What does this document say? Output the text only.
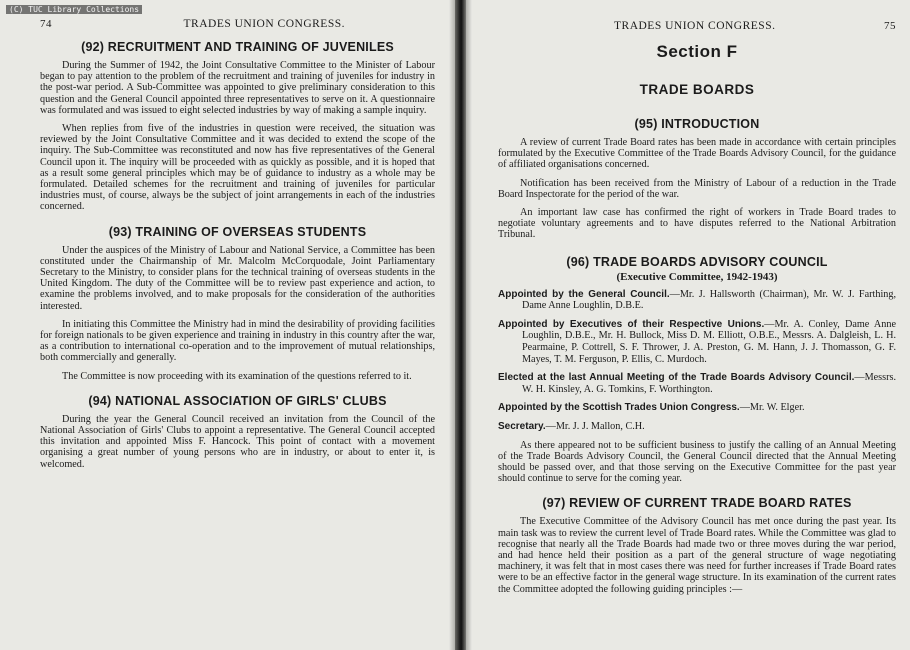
(C) TUC Library Collections
74	TRADES UNION CONGRESS.
(92) RECRUITMENT AND TRAINING OF JUVENILES

During the Summer of 1942, the Joint Consultative Committee to the Minister of Labour began to pay attention to the problem of the recruitment and training of juveniles for industry in the post-war period. A Sub-Committee was appointed to give preliminary consideration to this question and the General Council appointed three representatives to serve on it. A questionnaire was formulated and was issued to eight selected industries by way of making a sample inquiry.

When replies from five of the industries in question were received, the situation was reviewed by the Joint Consultative Committee and it was decided to extend the scope of the inquiry. The Sub-Committee was reconstituted and now has five representatives of the General Council upon it. The inquiry will be proceeded with as quickly as possible, and it is hoped that as a result some general principles which may be of guidance to industry as a whole may be formulated. Detailed schemes for the recruitment and training of juveniles for particular industries must, of course, always be the subject of joint arrangements in each of the industries concerned.

(93) TRAINING OF OVERSEAS STUDENTS

Under the auspices of the Ministry of Labour and National Service, a Committee has been constituted under the Chairmanship of Mr. Malcolm McCorquodale, Joint Parliamentary Secretary to the Ministry, to consider plans for the technical training of overseas students in the United Kingdom. The duty of the Committee will be to review past experience and action, to examine the problems involved, and to make proposals for the consideration of the authorities interested.

In initiating this Committee the Ministry had in mind the desirability of providing facilities for foreign nationals to be given experience and training in industry in this country after the war, as a contribution to international co-operation and to the improvement of mutual relationships, both commercially and generally.

The Committee is now proceeding with its examination of the questions referred to it.

(94) NATIONAL ASSOCIATION OF GIRLS' CLUBS

During the year the General Council received an invitation from the Council of the National Association of Girls' Clubs to appoint a representative. The General Council accepted this invitation and appointed Miss F. Hancock. This point of contact with a movement organising a great number of young persons who are in industry, or about to enter it, is welcomed.

TRADES UNION CONGRESS.	75
Section F
TRADE BOARDS
(95) INTRODUCTION

A review of current Trade Board rates has been made in accordance with certain principles formulated by the Executive Committee of the Trade Boards Advisory Council, for the guidance of affiliated organisations concerned.

Notification has been received from the Ministry of Labour of a reduction in the Trade Board Inspectorate for the period of the war.

An important law case has confirmed the right of workers in Trade Board trades to negotiate voluntary agreements and to have disputes referred to the National Arbitration Tribunal.

(96) TRADE BOARDS ADVISORY COUNCIL
(Executive Committee, 1942-1943)

Appointed by the General Council.—Mr. J. Hallsworth (Chairman), Mr. W. J. Farthing, Dame Anne Loughlin, D.B.E.

Appointed by Executives of their Respective Unions.—Mr. A. Conley, Dame Anne Loughlin, D.B.E., Mr. H. Bullock, Miss D. M. Elliott, O.B.E., Messrs. A. Dalgleish, L. H. Pearmaine, P. Cottrell, S. F. Thrower, J. A. Preston, G. M. Hann, J. J. Thomasson, G. F. Mayes, T. M. Ferguson, P. Ellis, C. Murdoch.

Elected at the last Annual Meeting of the Trade Boards Advisory Council.—Messrs. W. H. Kinsley, A. G. Tomkins, F. Worthington.

Appointed by the Scottish Trades Union Congress.—Mr. W. Elger.

Secretary.—Mr. J. J. Mallon, C.H.

As there appeared not to be sufficient business to justify the calling of an Annual Meeting of the Trade Boards Advisory Council, the General Council directed that the Annual Meeting should be passed over, and that those serving on the Executive Committee for the past year should continue to serve for the coming year.

(97) REVIEW OF CURRENT TRADE BOARD RATES

The Executive Committee of the Advisory Council has met once during the past year. Its main task was to review the current level of Trade Board rates. While the Committee was glad to recognise that nearly all the Trade Boards had made two or three moves during the war period, and had hence held their position as a part of the general structure of wage negotiating machinery, it was felt that in most cases there was need for further increases if Trade Board rates were to be an effective factor in the general wage structure. In its examination of the current rates the Committee adopted the following guiding principles :—
